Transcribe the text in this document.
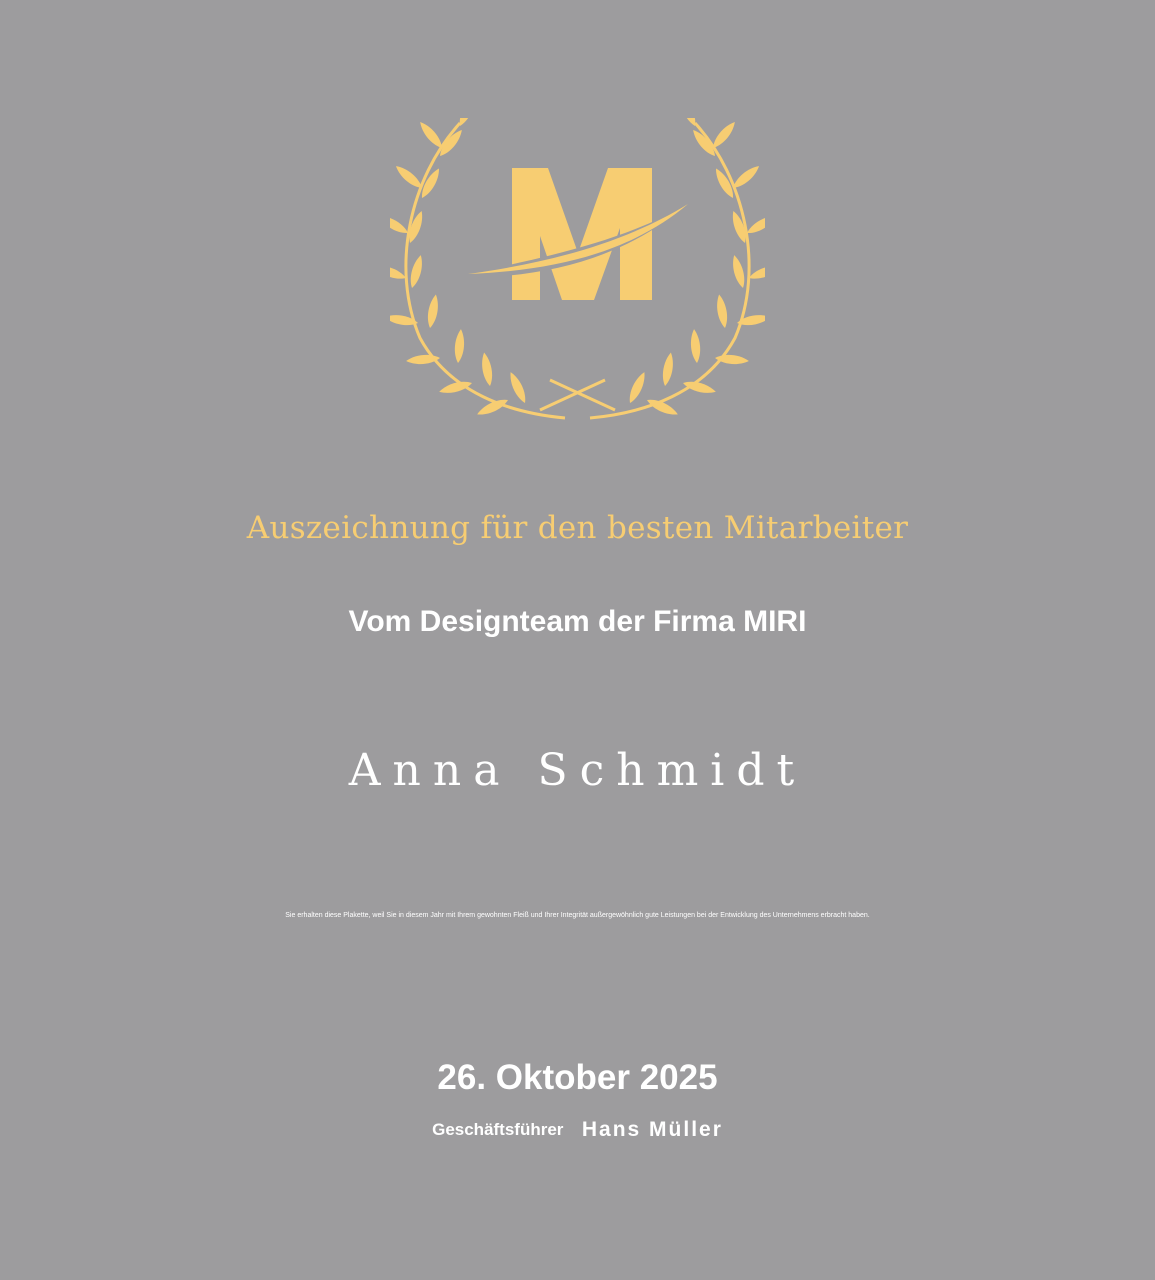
Auszeichnung für den besten Mitarbeiter

Vom Designteam der Firma MIRI

Anna Schmidt

Sie erhalten diese Plakette, weil Sie in diesem Jahr mit Ihrem gewohnten Fleiß und Ihrer Integrität außergewöhnlich gute Leistungen bei der Entwicklung des Unternehmens erbracht haben.

26. Oktober 2025

Geschäftsführer Hans Müller
